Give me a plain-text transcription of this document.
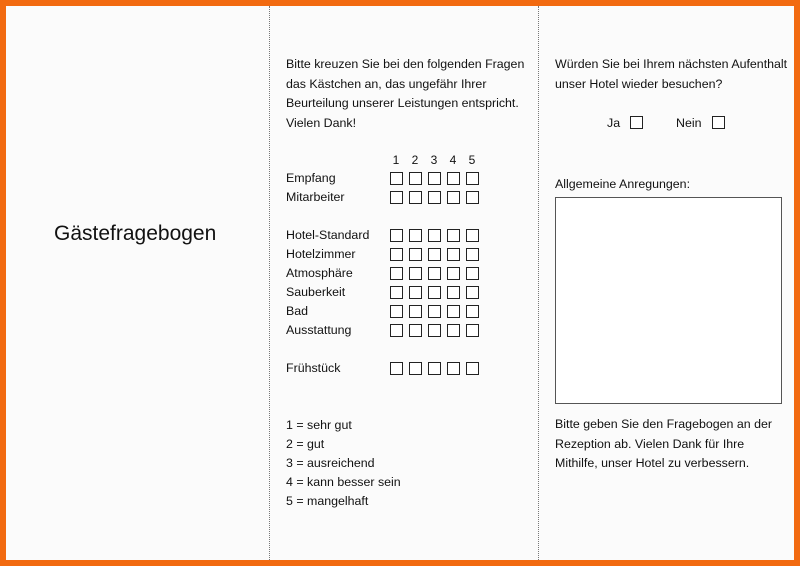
Gästefragebogen

Bitte kreuzen Sie bei den folgenden Fragen das Kästchen an, das ungefähr Ihrer Beurteilung unserer Leistungen entspricht. Vielen Dank!

1	2	3	4	5
Empfang
Mitarbeiter
Hotel-Standard
Hotelzimmer
Atmosphäre
Sauberkeit
Bad
Ausstattung
Frühstück
1 = sehr gut
2 = gut
3 = ausreichend
4 = kann besser sein
5 = mangelhaft

Würden Sie bei Ihrem nächsten Aufenthalt unser Hotel wieder besuchen?

Ja	Nein
Allgemeine Anregungen:

Bitte geben Sie den Fragebogen an der Rezeption ab. Vielen Dank für Ihre Mithilfe, unser Hotel zu verbessern.
